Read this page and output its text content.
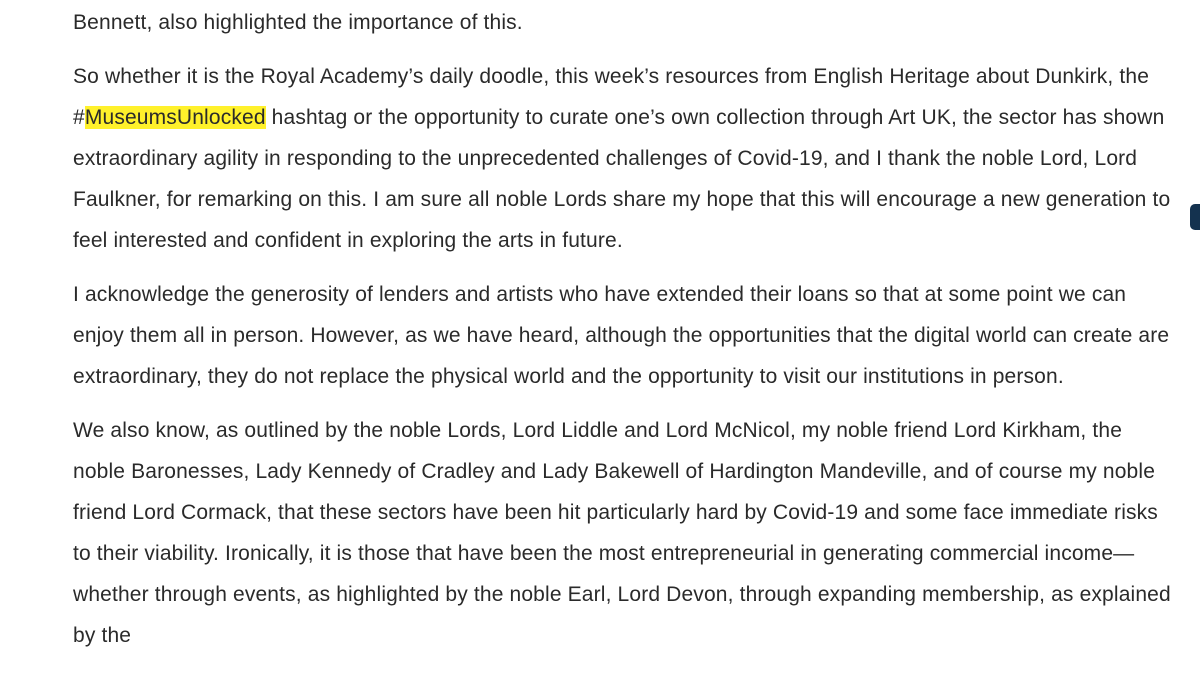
Bennett, also highlighted the importance of this.

So whether it is the Royal Academy’s daily doodle, this week’s resources from English Heritage about Dunkirk, the #MuseumsUnlocked hashtag or the opportunity to curate one’s own collection through Art UK, the sector has shown extraordinary agility in responding to the unprecedented challenges of Covid-19, and I thank the noble Lord, Lord Faulkner, for remarking on this. I am sure all noble Lords share my hope that this will encourage a new generation to feel interested and confident in exploring the arts in future.

I acknowledge the generosity of lenders and artists who have extended their loans so that at some point we can enjoy them all in person. However, as we have heard, although the opportunities that the digital world can create are extraordinary, they do not replace the physical world and the opportunity to visit our institutions in person.

We also know, as outlined by the noble Lords, Lord Liddle and Lord McNicol, my noble friend Lord Kirkham, the noble Baronesses, Lady Kennedy of Cradley and Lady Bakewell of Hardington Mandeville, and of course my noble friend Lord Cormack, that these sectors have been hit particularly hard by Covid-19 and some face immediate risks to their viability. Ironically, it is those that have been the most entrepreneurial in generating commercial income—whether through events, as highlighted by the noble Earl, Lord Devon, through expanding membership, as explained by the
